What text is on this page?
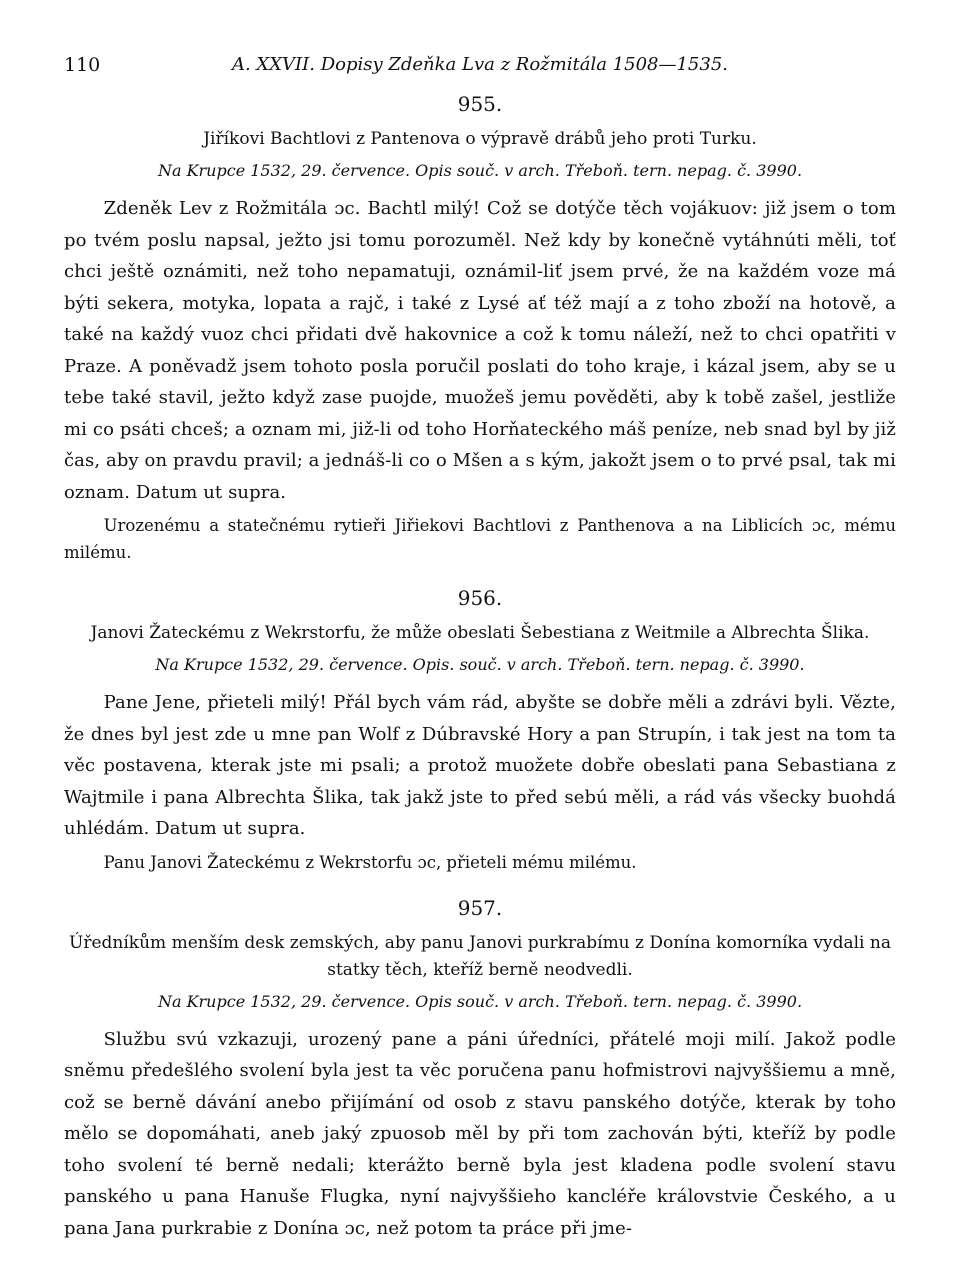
110	A. XXVII. Dopisy Zdeňka Lva z Rožmitála 1508—1535.
955.
Jiříkovi Bachtlovi z Pantenova o výpravě drábů jeho proti Turku.
Na Krupce 1532, 29. července. Opis souč. v arch. Třeboň. tern. nepag. č. 3990.

Zdeněk Lev z Rožmitála ɔc. Bachtl milý! Což se dotýče těch vojákuov: již jsem o tom po tvém poslu napsal, ježto jsi tomu porozuměl. Než kdy by konečně vytáhnúti měli, toť chci ještě oznámiti, než toho nepamatuji, oznámil-liť jsem prvé, že na každém voze má býti sekera, motyka, lopata a rajč, i také z Lysé ať též mají a z toho zboží na hotově, a také na každý vuoz chci přidati dvě hakovnice a což k tomu náleží, než to chci opatřiti v Praze. A poněvadž jsem tohoto posla poručil poslati do toho kraje, i kázal jsem, aby se u tebe také stavil, ježto když zase puojde, muožeš jemu pověděti, aby k tobě zašel, jestliže mi co psáti chceš; a oznam mi, již-li od toho Horňateckého máš peníze, neb snad byl by již čas, aby on pravdu pravil; a jednáš-li co o Mšen a s kým, jakožt jsem o to prvé psal, tak mi oznam. Datum ut supra.

Urozenému a statečnému rytieři Jiřiekovi Bachtlovi z Panthenova a na Liblicích ɔc, mému milému.

956.
Janovi Žateckému z Wekrstorfu, že může obeslati Šebestiana z Weitmile a Albrechta Šlika.
Na Krupce 1532, 29. července. Opis. souč. v arch. Třeboň. tern. nepag. č. 3990.

Pane Jene, přieteli milý! Přál bych vám rád, abyšte se dobře měli a zdrávi byli. Vězte, že dnes byl jest zde u mne pan Wolf z Dúbravské Hory a pan Strupín, i tak jest na tom ta věc postavena, kterak jste mi psali; a protož muožete dobře obeslati pana Sebastiana z Wajtmile i pana Albrechta Šlika, tak jakž jste to před sebú měli, a rád vás všecky buohdá uhlédám. Datum ut supra.

Panu Janovi Žateckému z Wekrstorfu ɔc, přieteli mému milému.

957.
Úředníkům menším desk zemských, aby panu Janovi purkrabímu z Donína komorníka vydali na statky těch, kteříž berně neodvedli.
Na Krupce 1532, 29. července. Opis souč. v arch. Třeboň. tern. nepag. č. 3990.

Službu svú vzkazuji, urozený pane a páni úředníci, přátelé moji milí. Jakož podle sněmu předešlého svolení byla jest ta věc poručena panu hofmistrovi najvyššiemu a mně, což se berně dávání anebo přijímání od osob z stavu panského dotýče, kterak by toho mělo se dopomáhati, aneb jaký zpuosob měl by při tom zachován býti, kteříž by podle toho svolení té berně nedali; kterážto berně byla jest kladena podle svolení stavu panského u pana Hanuše Flugka, nyní najvyššieho kancléře královstvie Českého, a u pana Jana purkrabie z Donína ɔc, než potom ta práce při jme-
